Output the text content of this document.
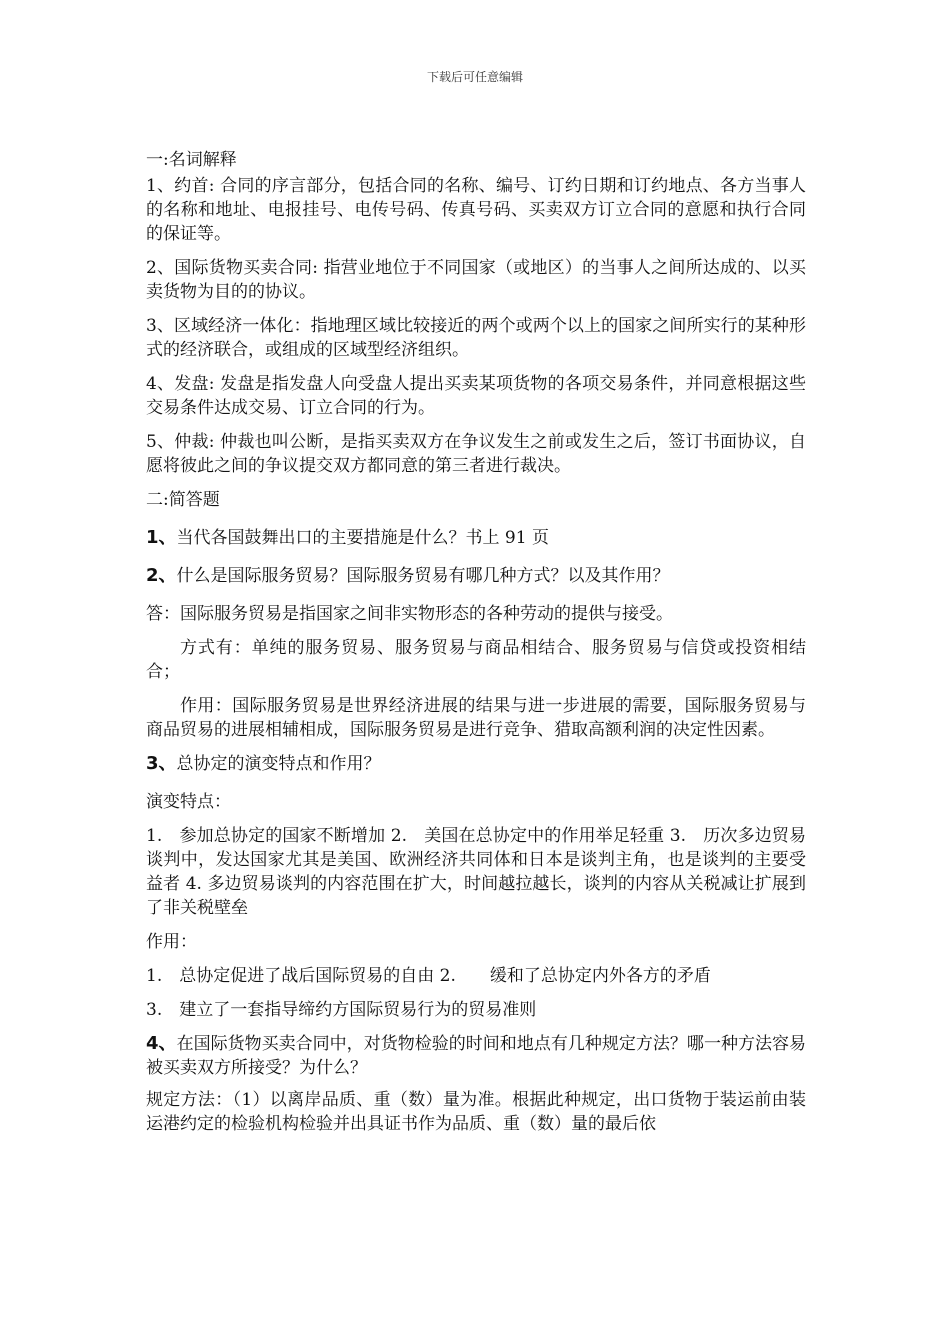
下载后可任意编辑

一:名词解释

1、约首: 合同的序言部分，包括合同的名称、编号、订约日期和订约地点、各方当事人的名称和地址、电报挂号、电传号码、传真号码、买卖双方订立合同的意愿和执行合同的保证等。

2、国际货物买卖合同: 指营业地位于不同国家（或地区）的当事人之间所达成的、以买卖货物为目的的协议。

3、区域经济一体化：指地理区域比较接近的两个或两个以上的国家之间所实行的某种形式的经济联合，或组成的区域型经济组织。

4、发盘: 发盘是指发盘人向受盘人提出买卖某项货物的各项交易条件，并同意根据这些交易条件达成交易、订立合同的行为。

5、仲裁: 仲裁也叫公断，是指买卖双方在争议发生之前或发生之后，签订书面协议，自愿将彼此之间的争议提交双方都同意的第三者进行裁决。

二:简答题

1、当代各国鼓舞出口的主要措施是什么？书上 91 页

2、什么是国际服务贸易？国际服务贸易有哪几种方式？以及其作用？

答：国际服务贸易是指国家之间非实物形态的各种劳动的提供与接受。

方式有：单纯的服务贸易、服务贸易与商品相结合、服务贸易与信贷或投资相结合；

作用：国际服务贸易是世界经济进展的结果与进一步进展的需要，国际服务贸易与商品贸易的进展相辅相成，国际服务贸易是进行竞争、猎取高额利润的决定性因素。

3、总协定的演变特点和作用？

演变特点：

1.　参加总协定的国家不断增加 2.　美国在总协定中的作用举足轻重 3.　历次多边贸易谈判中，发达国家尤其是美国、欧洲经济共同体和日本是谈判主角，也是谈判的主要受益者 4. 多边贸易谈判的内容范围在扩大，时间越拉越长，谈判的内容从关税减让扩展到了非关税壁垒

作用：

1.　总协定促进了战后国际贸易的自由 2.　　缓和了总协定内外各方的矛盾

3.　建立了一套指导缔约方国际贸易行为的贸易准则

4、在国际货物买卖合同中，对货物检验的时间和地点有几种规定方法？哪一种方法容易被买卖双方所接受？为什么？

规定方法：（1）以离岸品质、重（数）量为准。根据此种规定，出口货物于装运前由装运港约定的检验机构检验并出具证书作为品质、重（数）量的最后依
